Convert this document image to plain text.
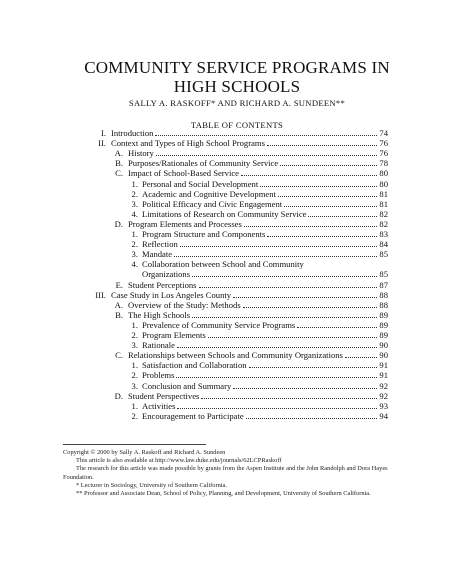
COMMUNITY SERVICE PROGRAMS IN
HIGH SCHOOLS
SALLY A. RASKOFF* AND RICHARD A. SUNDEEN**
TABLE OF CONTENTS
I. Introduction	74
II. Context and Types of High School Programs	76
A. History	76
B. Purposes/Rationales of Community Service	78
C. Impact of School-Based Service	80
1. Personal and Social Development	80
2. Academic and Cognitive Development	81
3. Political Efficacy and Civic Engagement	81
4. Limitations of Research on Community Service	82
D. Program Elements and Processes	82
1. Program Structure and Components	83
2. Reflection	84
3. Mandate	85
4. Collaboration between School and Community
Organizations	85
E. Student Perceptions	87
III. Case Study in Los Angeles County	88
A. Overview of the Study: Methods	88
B. The High Schools	89
1. Prevalence of Community Service Programs	89
2. Program Elements	89
3. Rationale	90
C. Relationships between Schools and Community Organizations	90
1. Satisfaction and Collaboration	91
2. Problems	91
3. Conclusion and Summary	92
D. Student Perspectives	92
1. Activities	93
2. Encouragement to Participate	94

Copyright © 2000 by Sally A. Raskoff and Richard A. Sundeen

This article is also available at http://www.law.duke.edu/journals/62LCPRaskoff

The research for this article was made possible by grants from the Aspen Institute and the John Randolph and Dora Hayes Foundation.

* Lecturer in Sociology, University of Southern California.

** Professor and Associate Dean, School of Policy, Planning, and Development, University of Southern California.
